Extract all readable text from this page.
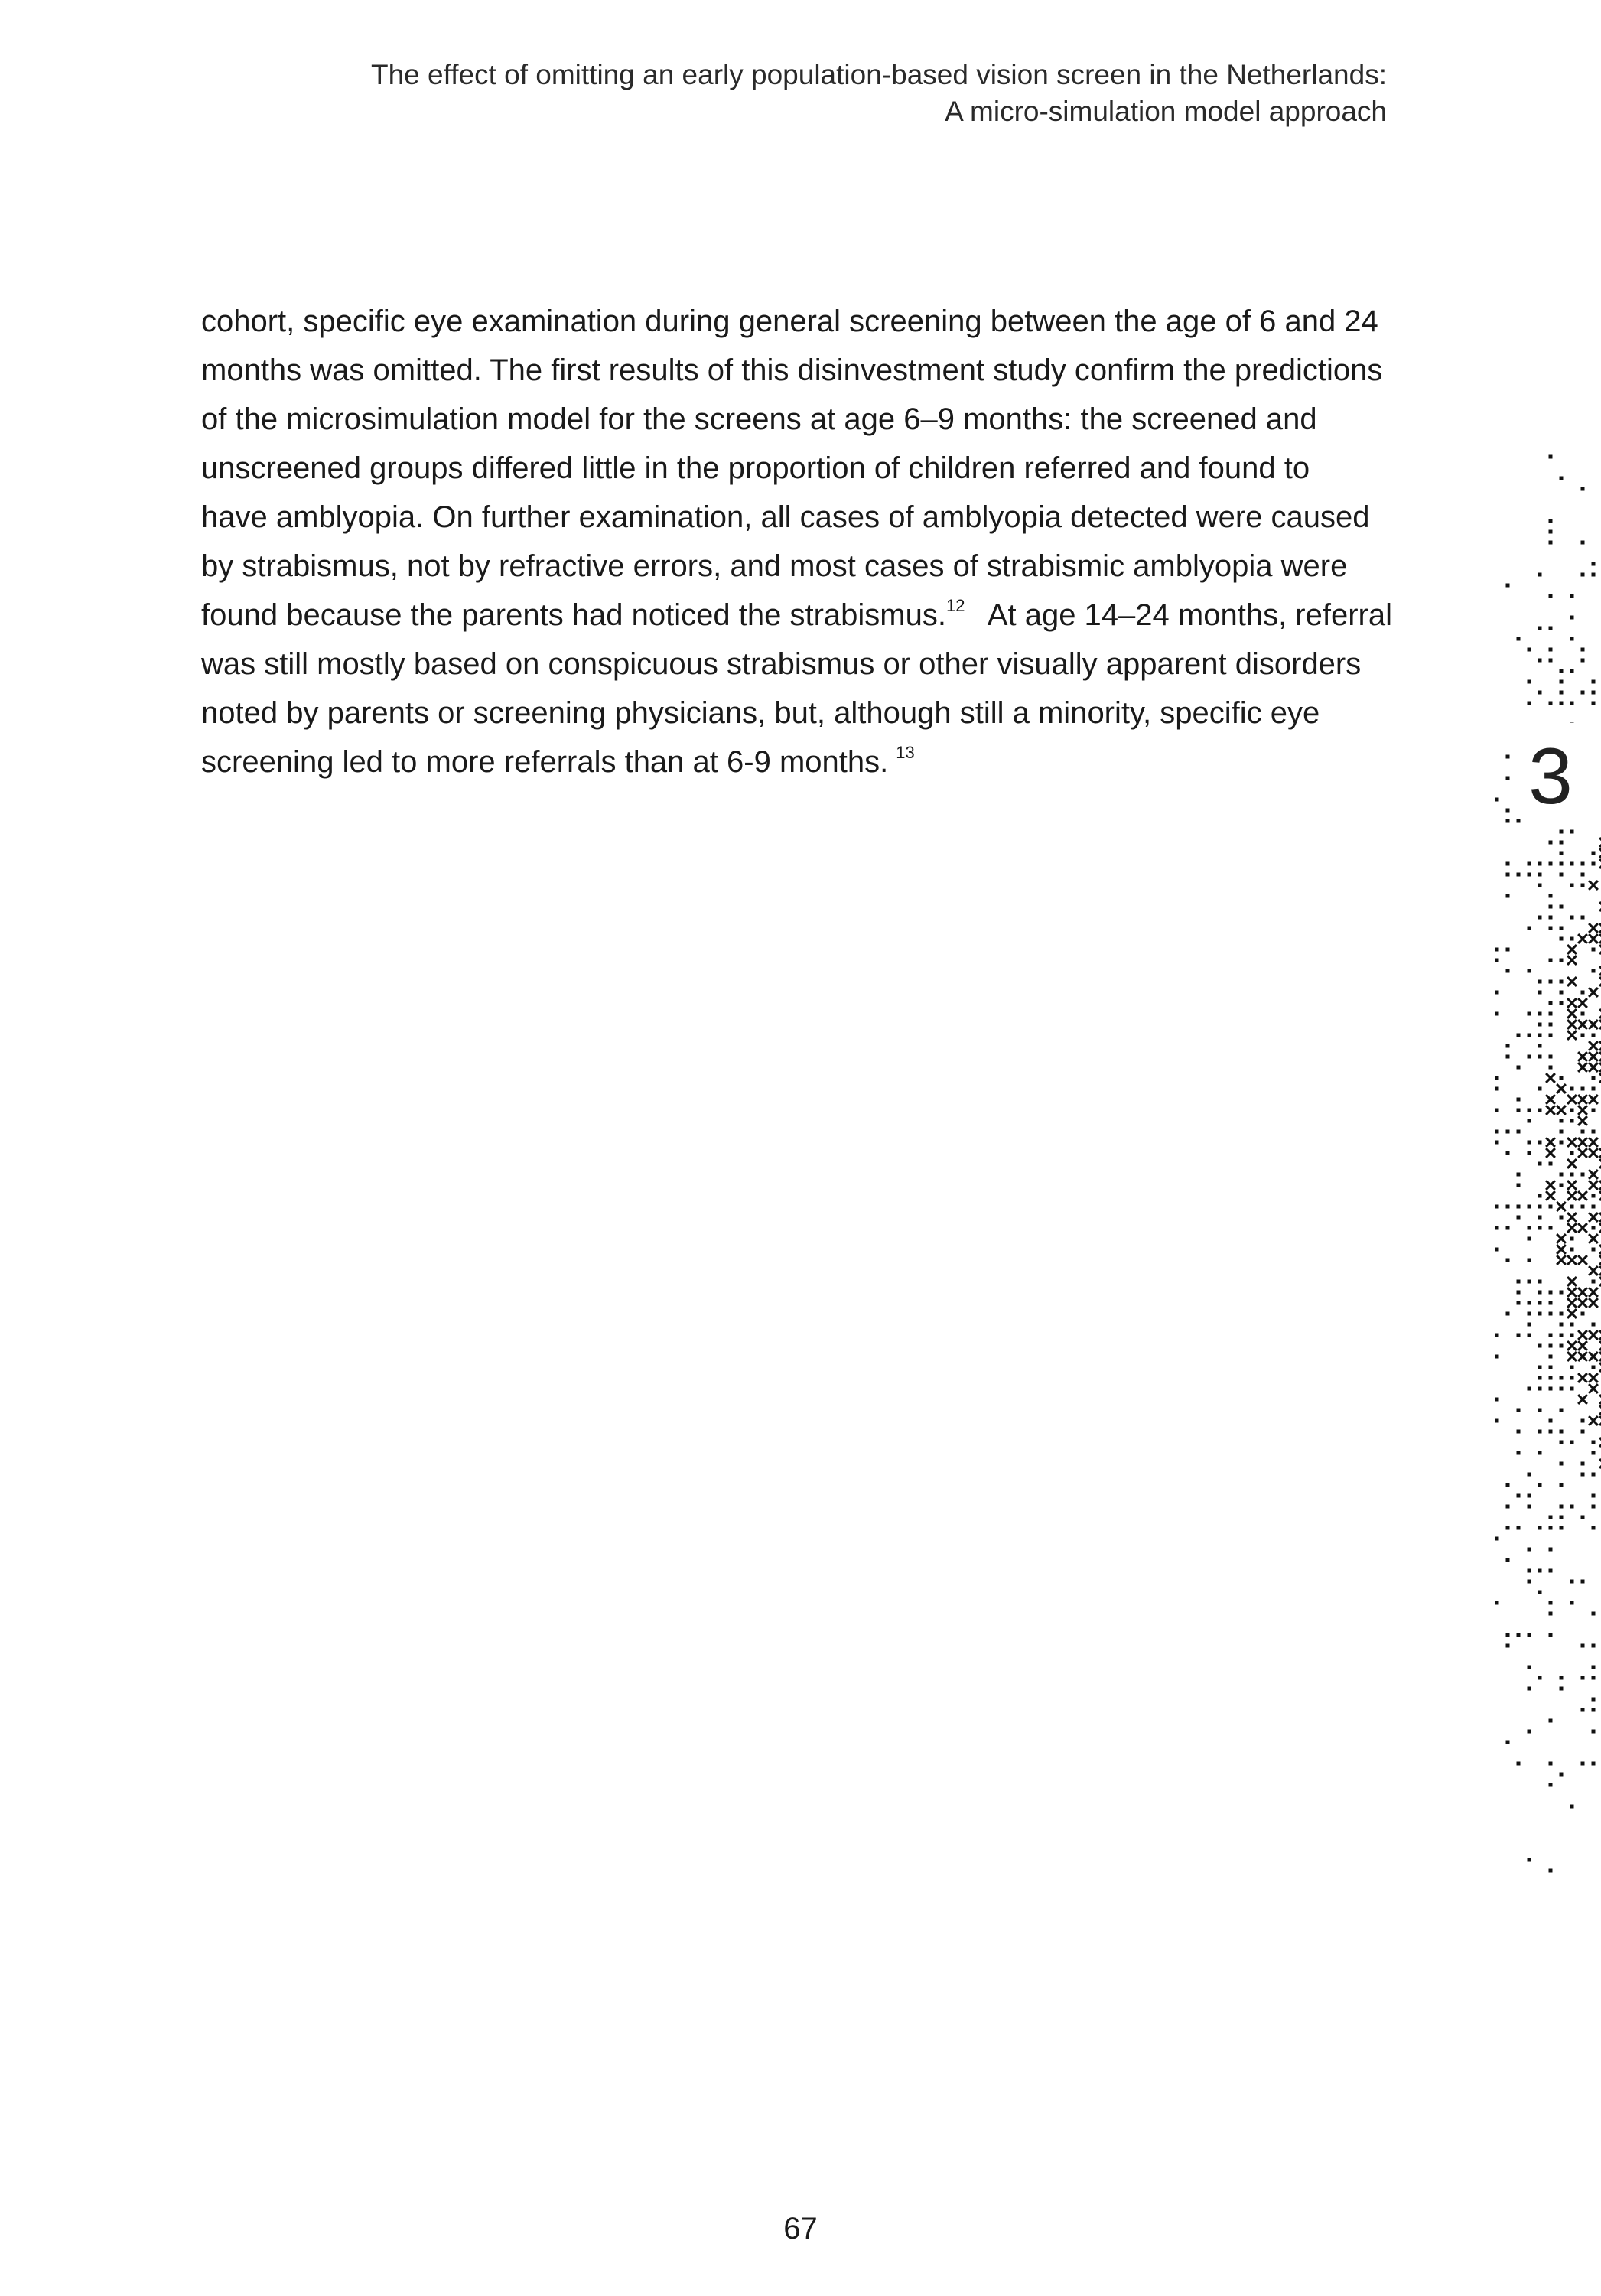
The effect of omitting an early population-based vision screen in the Netherlands:
A micro-simulation model approach
cohort, specific eye examination during general screening between the age of 6 and 24
months was omitted. The first results of this disinvestment study confirm the predictions
of the microsimulation model for the screens at age 6–9 months: the screened and
unscreened groups differed little in the proportion of children referred and found to
have amblyopia. On further examination, all cases of amblyopia detected were caused
by strabismus, not by refractive errors, and most cases of strabismic amblyopia were
found because the parents had noticed the strabismus.$^{12}$ At age 14–24 months, referral
was still mostly based on conspicuous strabismus or other visually apparent disorders
noted by parents or screening physicians, but, although still a minority, specific eye
screening led to more referrals than at 6-9 months. $^{13}$	3
67
